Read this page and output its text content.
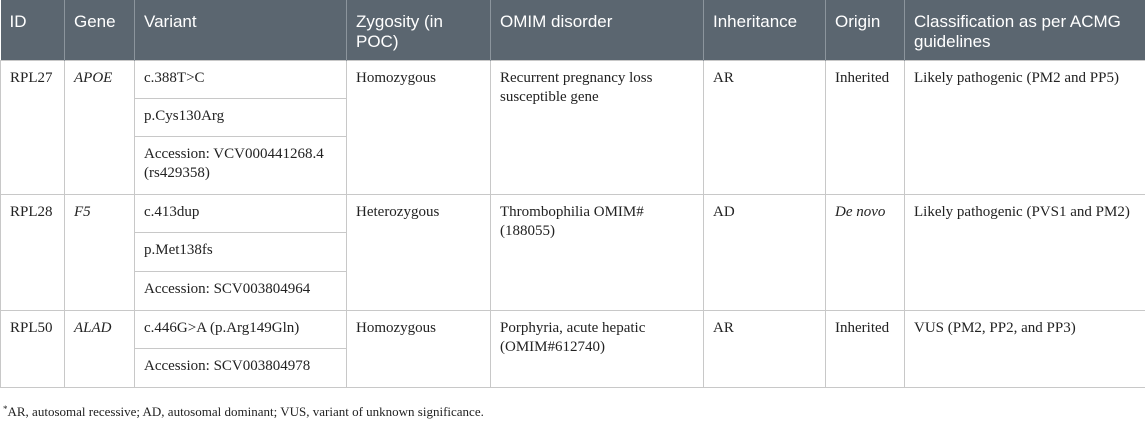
ID	Gene	Variant	Zygosity (in POC)	OMIM disorder	Inheritance	Origin	Classification as per ACMG guidelines
RPL27	APOE	c.388T>C	Homozygous	Recurrent pregnancy loss susceptible gene	AR	Inherited	Likely pathogenic (PM2 and PP5)
		p.Cys130Arg					
		Accession: VCV000441268.4 (rs429358)					
RPL28	F5	c.413dup	Heterozygous	Thrombophilia OMIM# (188055)	AD	De novo	Likely pathogenic (PVS1 and PM2)
		p.Met138fs					
		Accession: SCV003804964					
RPL50	ALAD	c.446G>A (p.Arg149Gln)	Homozygous	Porphyria, acute hepatic (OMIM#612740)	AR	Inherited	VUS (PM2, PP2, and PP3)
		Accession: SCV003804978					
*AR, autosomal recessive; AD, autosomal dominant; VUS, variant of unknown significance.
